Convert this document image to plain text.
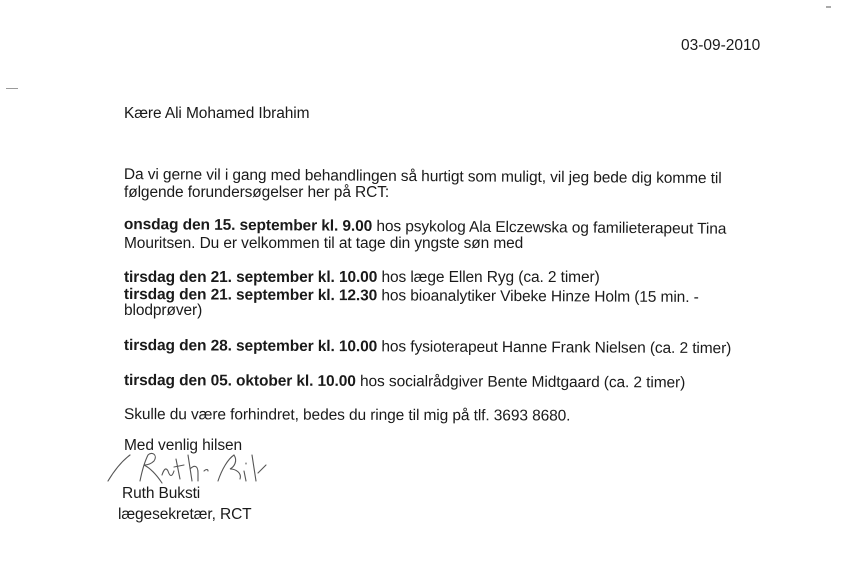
03-09-2010
Kære Ali Mohamed Ibrahim
Da vi gerne vil i gang med behandlingen så hurtigt som muligt, vil jeg bede dig komme til
følgende forundersøgelser her på RCT:
onsdag den 15. september kl. 9.00 hos psykolog Ala Elczewska og familieterapeut Tina
Mouritsen. Du er velkommen til at tage din yngste søn med
tirsdag den 21. september kl. 10.00 hos læge Ellen Ryg (ca. 2 timer)
tirsdag den 21. september kl. 12.30 hos bioanalytiker Vibeke Hinze Holm (15 min. -
blodprøver)
tirsdag den 28. september kl. 10.00 hos fysioterapeut Hanne Frank Nielsen (ca. 2 timer)
tirsdag den 05. oktober kl. 10.00 hos socialrådgiver Bente Midtgaard (ca. 2 timer)
Skulle du være forhindret, bedes du ringe til mig på tlf. 3693 8680.
Med venlig hilsen
Ruth Buksti
lægesekretær, RCT
